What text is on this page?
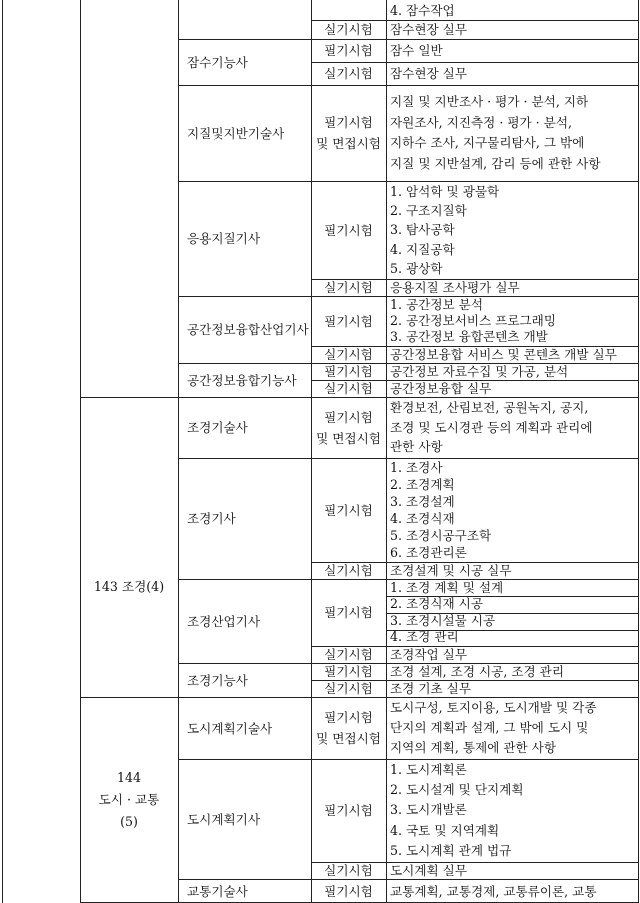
143 조경(4)
144
도시 · 교통
(5)
잠수기능사
지질및지반기술사
응용지질기사
공간정보융합산업기사
공간정보융합기능사
조경기술사
조경기사
조경산업기사
조경기능사
도시계획기술사
도시계획기사
교통기술사
4. 잠수작업
실기시험 잠수현장 실무
필기시험 잠수 일반
실기시험 잠수현장 실무
필기시험
및 면접시험
지질 및 지반조사 · 평가 · 분석, 지하
자원조사, 지진측정 · 평가 · 분석,
지하수 조사, 지구물리탐사, 그 밖에
지질 및 지반설계, 감리 등에 관한 사항
필기시험
1. 암석학 및 광물학
2. 구조지질학
3. 탐사공학
4. 지질공학
5. 광상학
실기시험 응용지질 조사평가 실무
필기시험
1. 공간정보 분석
2. 공간정보서비스 프로그래밍
3. 공간정보 융합콘텐츠 개발
실기시험 공간정보융합 서비스 및 콘텐츠 개발 실무
필기시험 공간정보 자료수집 및 가공, 분석
실기시험 공간정보융합 실무
필기시험
및 면접시험
환경보전, 산림보전, 공원녹지, 공지,
조경 및 도시경관 등의 계획과 관리에
관한 사항
필기시험
1. 조경사
2. 조경계획
3. 조경설계
4. 조경식재
5. 조경시공구조학
6. 조경관리론
실기시험 조경설계 및 시공 실무
필기시험
1. 조경 계획 및 설계
2. 조경식재 시공
3. 조경시설물 시공
4. 조경 관리
실기시험 조경작업 실무
필기시험 조경 설계, 조경 시공, 조경 관리
실기시험 조경 기초 실무
필기시험
및 면접시험
도시구성, 토지이용, 도시개발 및 각종
단지의 계획과 설계, 그 밖에 도시 및
지역의 계획, 통제에 관한 사항
필기시험
1. 도시계획론
2. 도시설계 및 단지계획
3. 도시개발론
4. 국토 및 지역계획
5. 도시계획 관계 법규
실기시험 도시계획 실무
필기시험 교통계획, 교통경제, 교통류이론, 교통
